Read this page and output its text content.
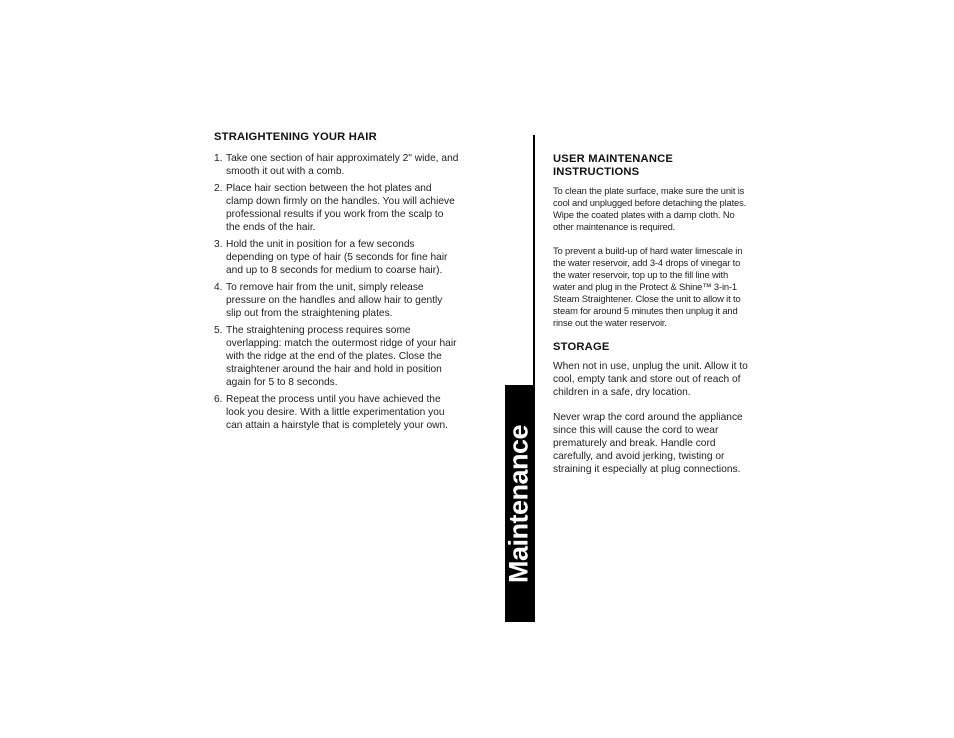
STRAIGHTENING YOUR HAIR
1. Take one section of hair approximately 2" wide, and smooth it out with a comb.
2. Place hair section between the hot plates and clamp down firmly on the handles. You will achieve professional results if you work from the scalp to the ends of the hair.
3. Hold the unit in position for a few seconds depending on type of hair (5 seconds for fine hair and up to 8 seconds for medium to coarse hair).
4. To remove hair from the unit, simply release pressure on the handles and allow hair to gently slip out from the straightening plates.
5. The straightening process requires some overlapping: match the outermost ridge of your hair with the ridge at the end of the plates. Close the straightener around the hair and hold in position again for 5 to 8 seconds.
6. Repeat the process until you have achieved the look you desire. With a little experimentation you can attain a hairstyle that is completely your own.	Maintenance
USER MAINTENANCE INSTRUCTIONS

To clean the plate surface, make sure the unit is cool and unplugged before detaching the plates. Wipe the coated plates with a damp cloth. No other maintenance is required.

To prevent a build-up of hard water limescale in the water reservoir, add 3-4 drops of vinegar to the water reservoir, top up to the fill line with water and plug in the Protect & Shine™ 3-in-1 Steam Straightener. Close the unit to allow it to steam for around 5 minutes then unplug it and rinse out the water reservoir.

STORAGE

When not in use, unplug the unit. Allow it to cool, empty tank and store out of reach of children in a safe, dry location.

Never wrap the cord around the appliance since this will cause the cord to wear prematurely and break. Handle cord carefully, and avoid jerking, twisting or straining it especially at plug connections.
